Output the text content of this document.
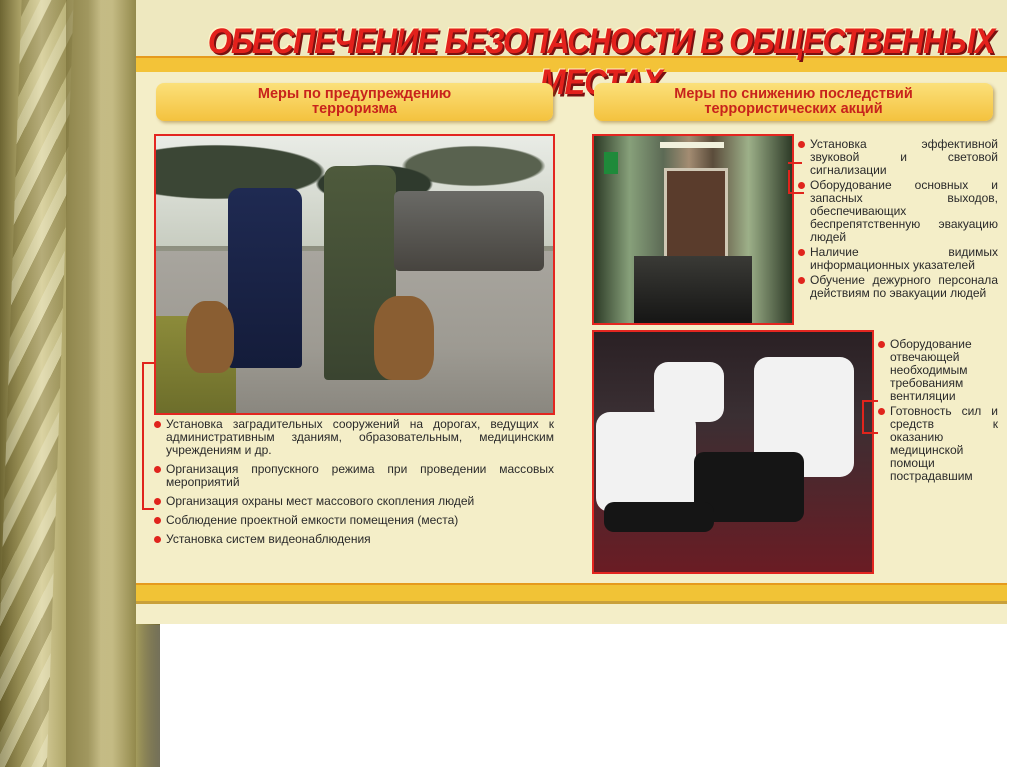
ОБЕСПЕЧЕНИЕ БЕЗОПАСНОСТИ В ОБЩЕСТВЕННЫХ
Меры по предупреждению
терроризма
Меры по снижению последствий
террористических акций
Установка заградительных сооружений на дорогах, ведущих к административным зданиям, образовательным, медицинским учреждениям и др.
Организация пропускного режима при проведении массовых мероприятий
Организация охраны мест массового скопления людей
Соблюдение проектной емкости помещения (места)
Установка систем видеонаблюдения
Установка эффективной звуковой и световой сигнализации
Оборудование основных и запасных выходов, обеспечивающих беспрепятственную эвакуацию людей
Наличие видимых информационных указателей
Обучение дежурного персонала действиям по эвакуации людей
Оборудование отвечающей необходимым требованиям вентиляции
Готовность сил и средств к оказанию медицинской помощи пострадавшим
